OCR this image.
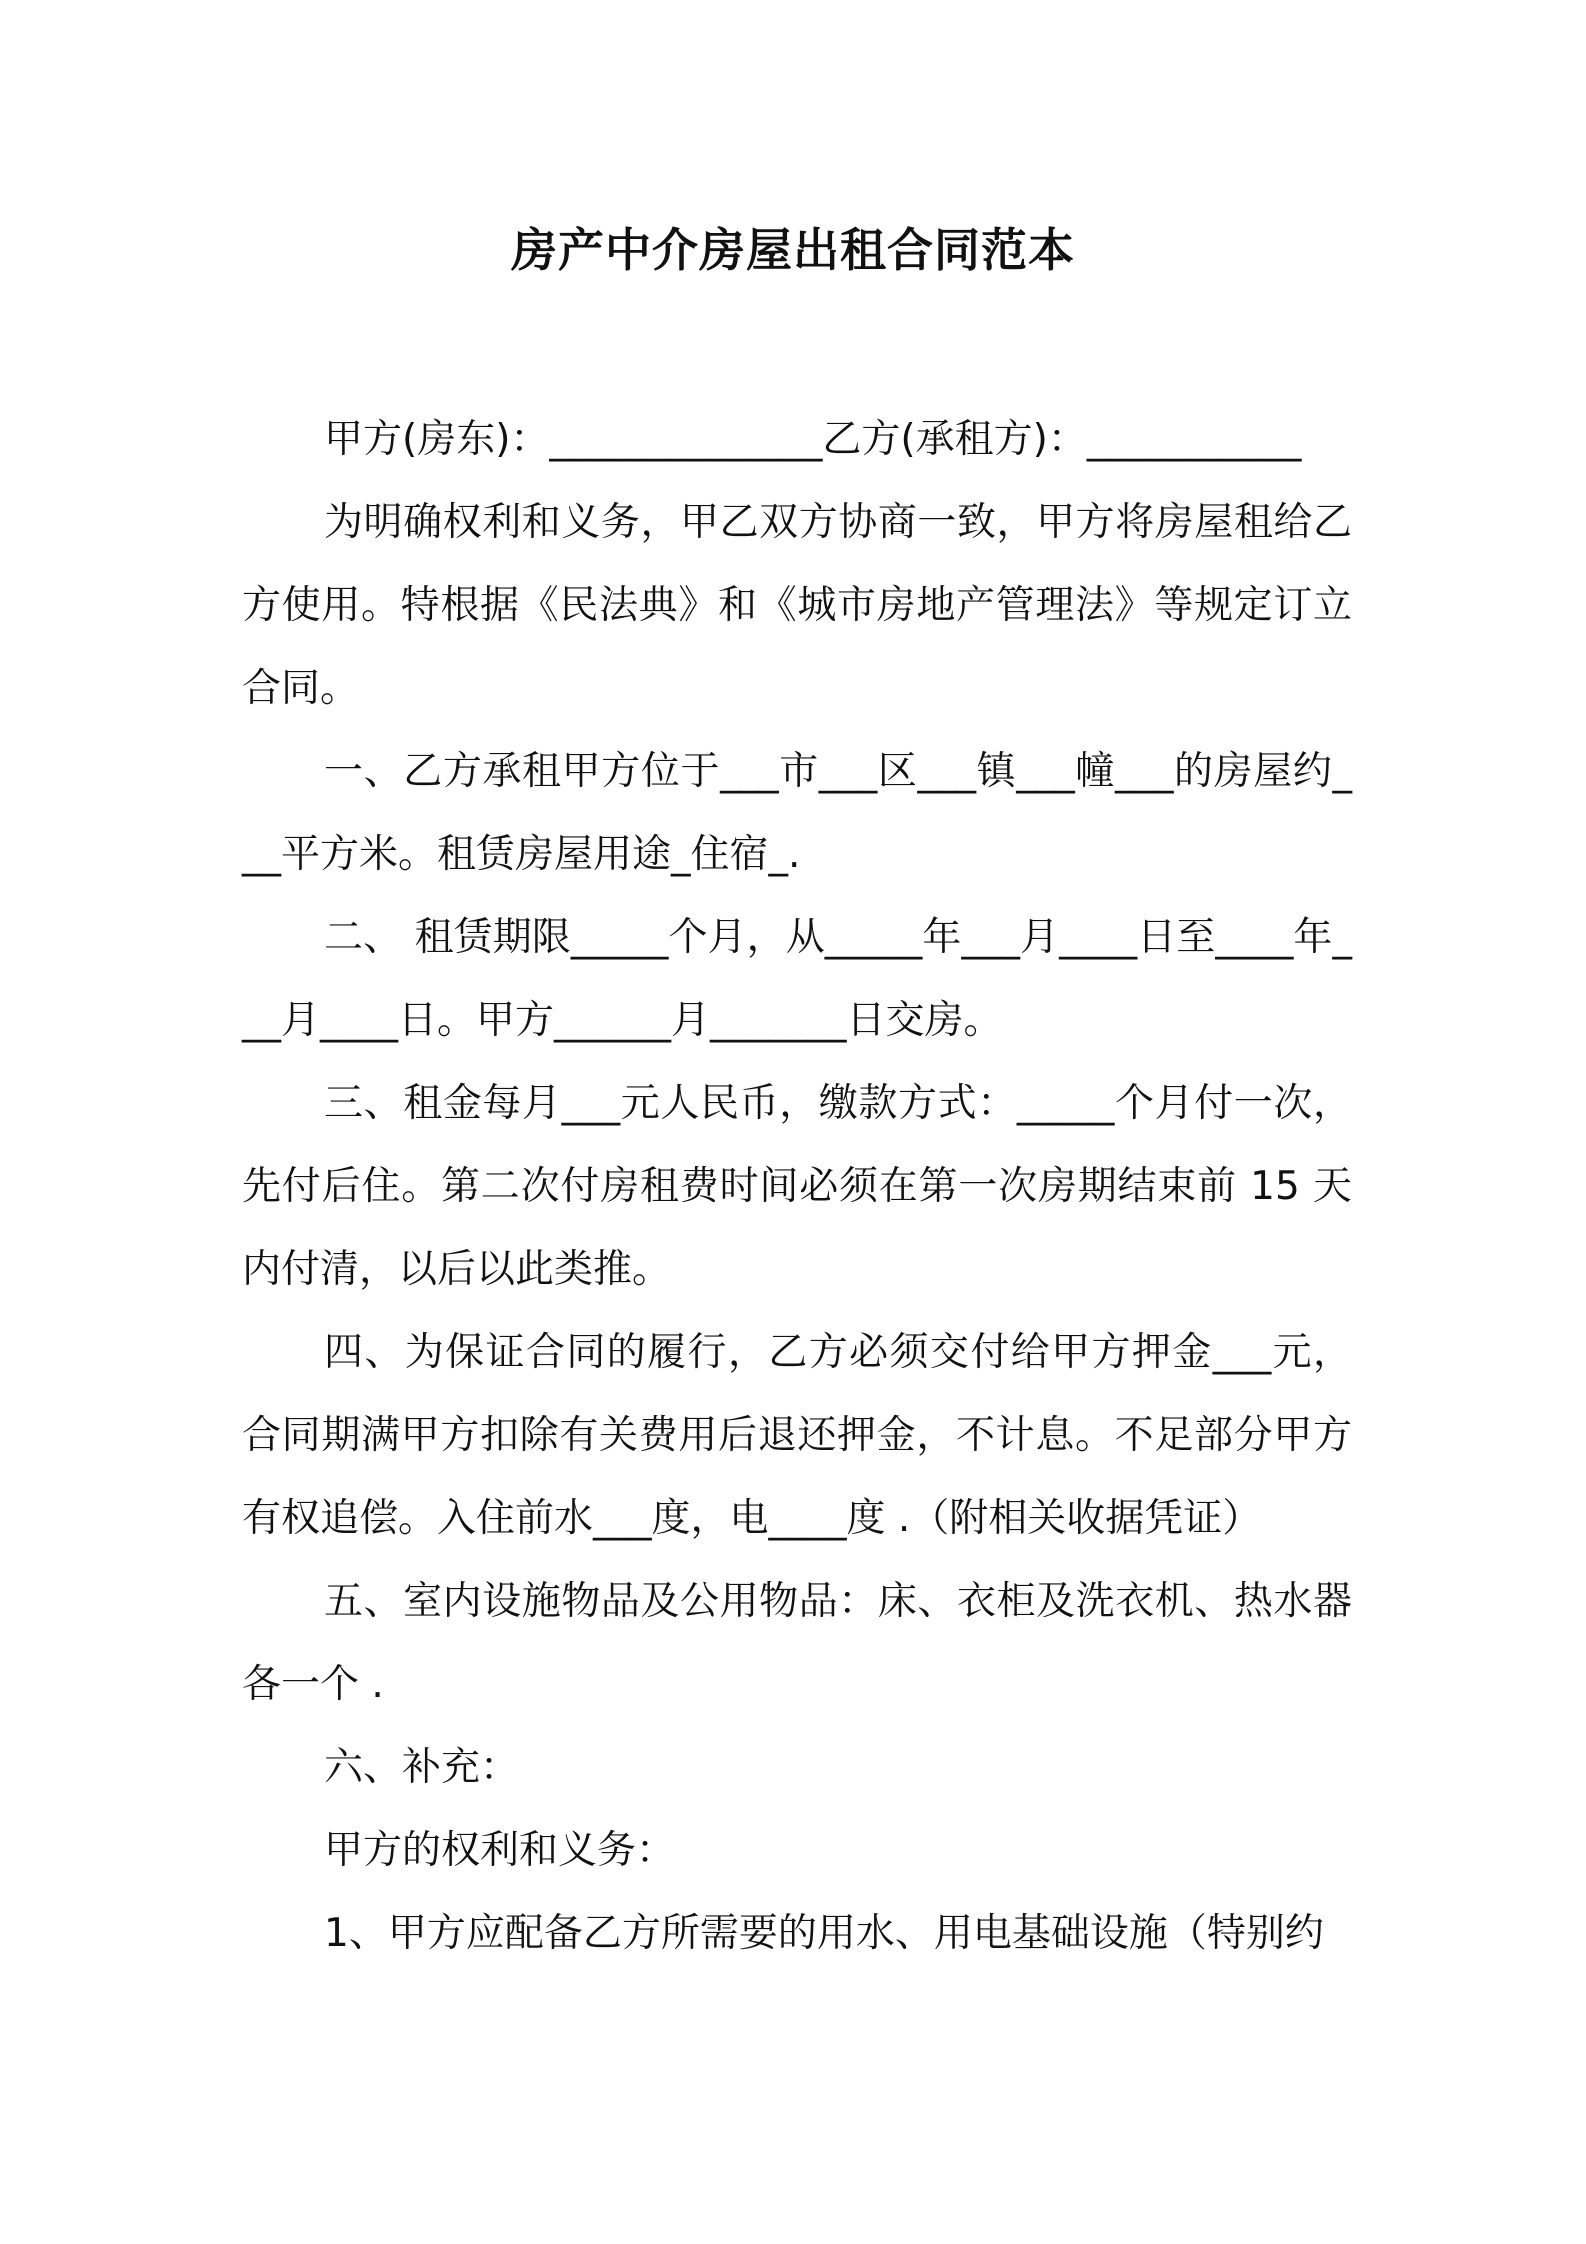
房产中介房屋出租合同范本

甲方(房东)：______________乙方(承租方)：___________

为明确权利和义务，甲乙双方协商一致，甲方将房屋租给乙方使用。特根据《民法典》和《城市房地产管理法》等规定订立合同。

一、乙方承租甲方位于___市___区___镇___幢___的房屋约___平方米。租赁房屋用途_住宿_.

二、 租赁期限_____个月，从_____年___月____日至____年___月____日。甲方______月_______日交房。

三、租金每月___元人民币，缴款方式：_____个月付一次，先付后住。第二次付房租费时间必须在第一次房期结束前 15 天内付清，以后以此类推。

四、为保证合同的履行，乙方必须交付给甲方押金___元，合同期满甲方扣除有关费用后退还押金，不计息。不足部分甲方有权追偿。入住前水___度，电____度 .（附相关收据凭证）

五、室内设施物品及公用物品：床、衣柜及洗衣机、热水器各一个 .

六、补充：

甲方的权利和义务：

1、甲方应配备乙方所需要的用水、用电基础设施（特别约
